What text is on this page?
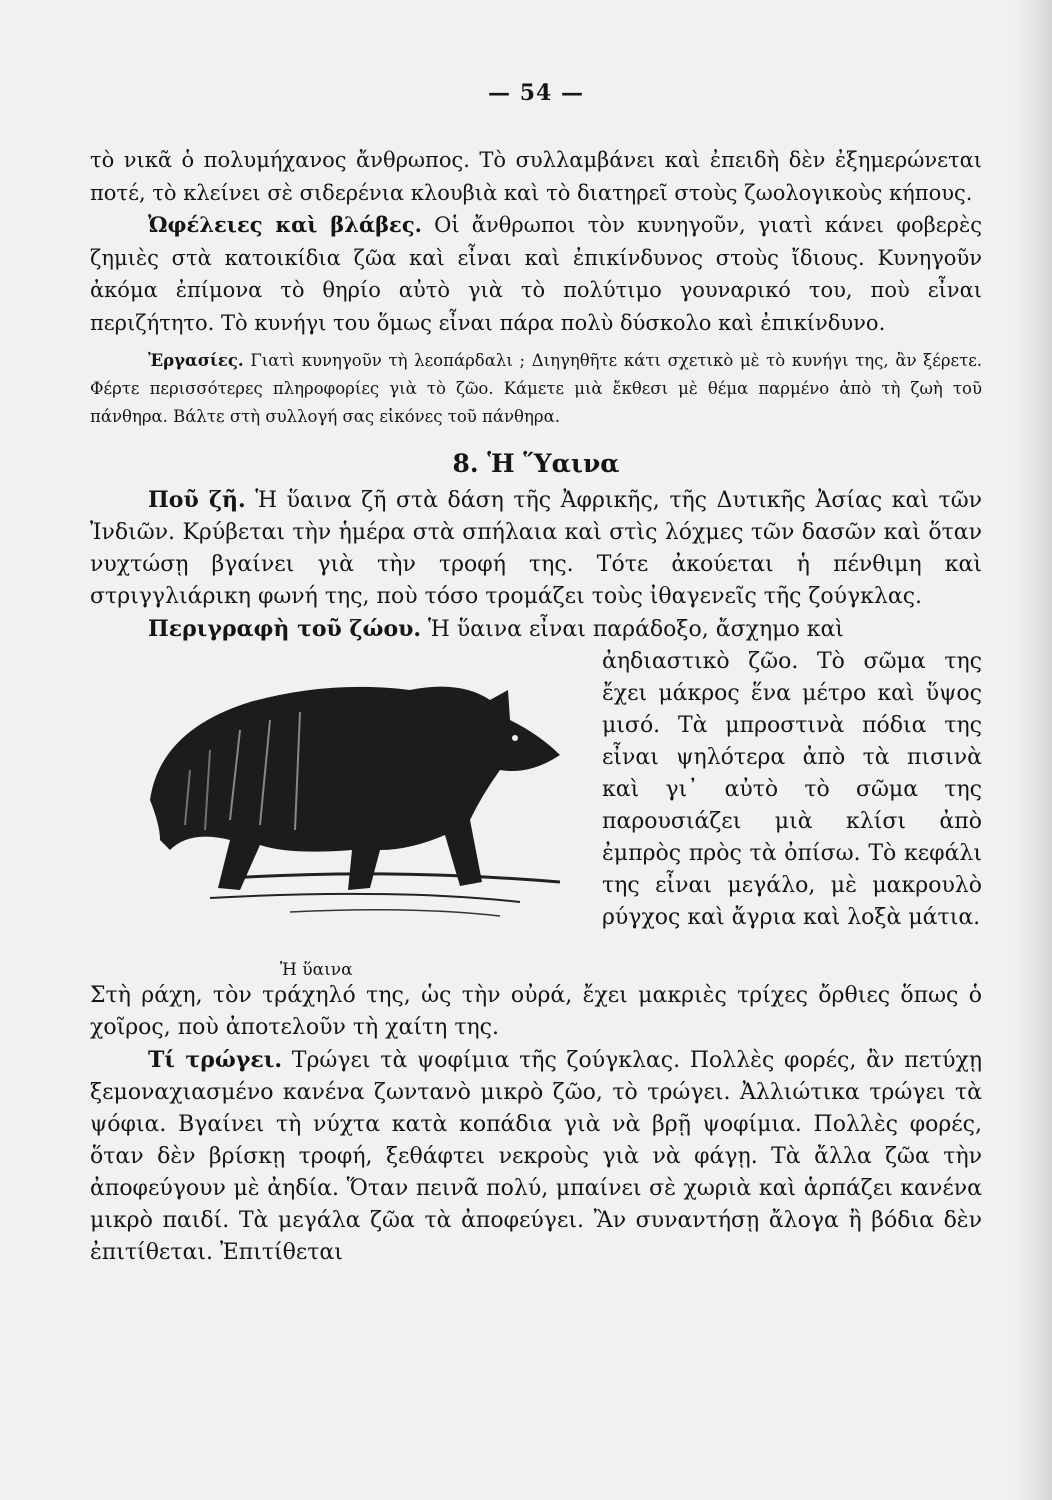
— 54 —

τὸ νικᾶ ὁ πολυμήχανος ἄνθρωπος. Τὸ συλλαμβάνει καὶ ἐπειδὴ δὲν ἐξημερώνεται ποτέ, τὸ κλείνει σὲ σιδερένια κλουβιὰ καὶ τὸ διατηρεῖ στοὺς ζωολογικοὺς κήπους.

Ὠφέλειες καὶ βλάβες. Οἱ ἄνθρωποι τὸν κυνηγοῦν, γιατὶ κάνει φοβερὲς ζημιὲς στὰ κατοικίδια ζῶα καὶ εἶναι καὶ ἐπικίνδυνος στοὺς ἴδιους. Κυνηγοῦν ἀκόμα ἐπίμονα τὸ θηρίο αὐτὸ γιὰ τὸ πολύτιμο γουναρικό του, ποὺ εἶναι περιζήτητο. Τὸ κυνήγι του ὅμως εἶναι πάρα πολὺ δύσκολο καὶ ἐπικίνδυνο.

Ἐργασίες. Γιατὶ κυνηγοῦν τὴ λεοπάρδαλι ; Διηγηθῆτε κάτι σχετικὸ μὲ τὸ κυνήγι της, ἂν ξέρετε. Φέρτε περισσότερες πληροφορίες γιὰ τὸ ζῶο. Κάμετε μιὰ ἔκθεσι μὲ θέμα παρμένο ἀπὸ τὴ ζωὴ τοῦ πάνθηρα. Βάλτε στὴ συλλογή σας εἰκόνες τοῦ πάνθηρα.

8. Ἡ Ὕαινα

Ποῦ ζῆ. Ἡ ὕαινα ζῆ στὰ δάση τῆς Ἀφρικῆς, τῆς Δυτικῆς Ἀσίας καὶ τῶν Ἰνδιῶν. Κρύβεται τὴν ἡμέρα στὰ σπήλαια καὶ στὶς λόχμες τῶν δασῶν καὶ ὅταν νυχτώσῃ βγαίνει γιὰ τὴν τροφή της. Τότε ἀκούεται ἡ πένθιμη καὶ στριγγλιάρικη φωνή της, ποὺ τόσο τρομάζει τοὺς ἰθαγενεῖς τῆς ζούγκλας.

Περιγραφὴ τοῦ ζώου. Ἡ ὕαινα εἶναι παράδοξο, ἄσχημο καὶ

Ἡ ὕαινα

ἀηδιαστικὸ ζῶο. Τὸ σῶμα της ἔχει μάκρος ἕνα μέτρο καὶ ὕψος μισό. Τὰ μπροστινὰ πόδια της εἶναι ψηλότερα ἀπὸ τὰ πισινὰ καὶ γι᾽ αὐτὸ τὸ σῶμα της παρουσιάζει μιὰ κλίσι ἀπὸ ἐμπρὸς πρὸς τὰ ὀπίσω. Τὸ κεφάλι της εἶναι μεγάλο, μὲ μακρουλὸ ρύγχος καὶ ἄγρια καὶ λοξὰ μάτια.

Στὴ ράχη, τὸν τράχηλό της, ὡς τὴν οὐρά, ἔχει μακριὲς τρίχες ὄρθιες ὅπως ὁ χοῖρος, ποὺ ἀποτελοῦν τὴ χαίτη της.

Τί τρώγει. Τρώγει τὰ ψοφίμια τῆς ζούγκλας. Πολλὲς φορές, ἂν πετύχῃ ξεμοναχιασμένο κανένα ζωντανὸ μικρὸ ζῶο, τὸ τρώγει. Ἀλλιώτικα τρώγει τὰ ψόφια. Βγαίνει τὴ νύχτα κατὰ κοπάδια γιὰ νὰ βρῇ ψοφίμια. Πολλὲς φορές, ὅταν δὲν βρίσκῃ τροφή, ξεθάφτει νεκροὺς γιὰ νὰ φάγῃ. Τὰ ἄλλα ζῶα τὴν ἀποφεύγουν μὲ ἀηδία. Ὅταν πεινᾶ πολύ, μπαίνει σὲ χωριὰ καὶ ἁρπάζει κανένα μικρὸ παιδί. Τὰ μεγάλα ζῶα τὰ ἀποφεύγει. Ἂν συναντήσῃ ἄλογα ἢ βόδια δὲν ἐπιτίθεται. Ἐπιτίθεται
